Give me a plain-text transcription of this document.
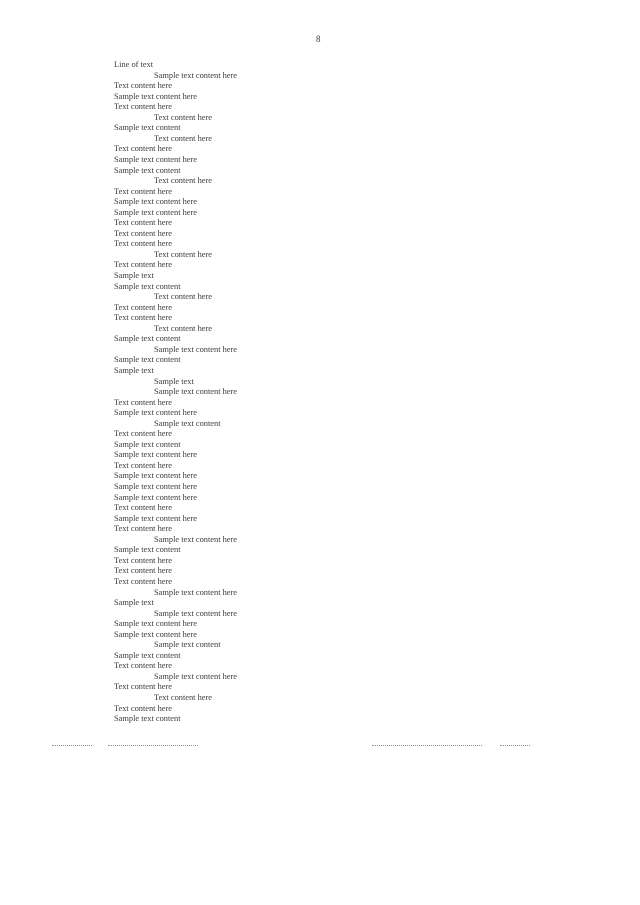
8
Line of text
Sample text content here
Text content here
Sample text content here
Text content here
Text content here
Sample text content
Text content here
Text content here
Sample text content here
Sample text content
Text content here
Text content here
Sample text content here
Sample text content here
Text content here
Text content here
Text content here
Text content here
Text content here
Sample text
Sample text content
Text content here
Text content here
Text content here
Text content here
Sample text content
Sample text content here
Sample text content
Sample text
Sample text
Sample text content here
Text content here
Sample text content here
Sample text content
Text content here
Sample text content
Sample text content here
Text content here
Sample text content here
Sample text content here
Sample text content here
Text content here
Sample text content here
Text content here
Sample text content here
Sample text content
Text content here
Text content here
Text content here
Sample text content here
Sample text
Sample text content here
Sample text content here
Sample text content here
Sample text content
Sample text content
Text content here
Sample text content here
Text content here
Text content here
Text content here
Sample text content
